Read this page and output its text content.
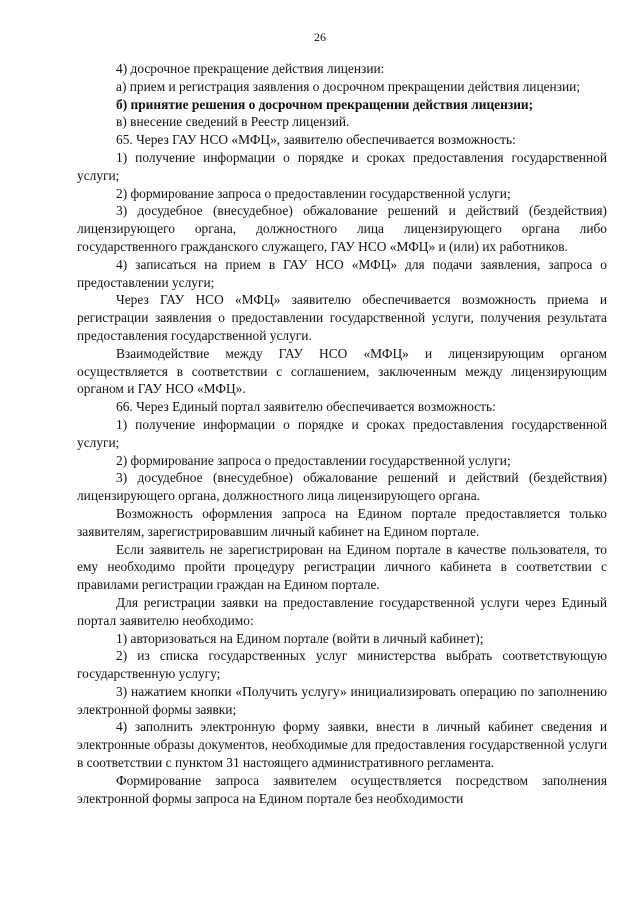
26

4) досрочное прекращение действия лицензии:

а) прием и регистрация заявления о досрочном прекращении действия лицензии;

б) принятие решения о досрочном прекращении действия лицензии;

в) внесение сведений в Реестр лицензий.

65. Через ГАУ НСО «МФЦ», заявителю обеспечивается возможность:

1) получение информации о порядке и сроках предоставления государственной услуги;

2) формирование запроса о предоставлении государственной услуги;

3) досудебное (внесудебное) обжалование решений и действий (бездействия) лицензирующего органа, должностного лица лицензирующего органа либо государственного гражданского служащего, ГАУ НСО «МФЦ» и (или) их работников.

4) записаться на прием в ГАУ НСО «МФЦ» для подачи заявления, запроса о предоставлении услуги;

Через ГАУ НСО «МФЦ» заявителю обеспечивается возможность приема и регистрации заявления о предоставлении государственной услуги, получения результата предоставления государственной услуги.

Взаимодействие между ГАУ НСО «МФЦ» и лицензирующим органом осуществляется в соответствии с соглашением, заключенным между лицензирующим органом и ГАУ НСО «МФЦ».

66. Через Единый портал заявителю обеспечивается возможность:

1) получение информации о порядке и сроках предоставления государственной услуги;

2) формирование запроса о предоставлении государственной услуги;

3) досудебное (внесудебное) обжалование решений и действий (бездействия) лицензирующего органа, должностного лица лицензирующего органа.

Возможность оформления запроса на Едином портале предоставляется только заявителям, зарегистрировавшим личный кабинет на Едином портале.

Если заявитель не зарегистрирован на Едином портале в качестве пользователя, то ему необходимо пройти процедуру регистрации личного кабинета в соответствии с правилами регистрации граждан на Едином портале.

Для регистрации заявки на предоставление государственной услуги через Единый портал заявителю необходимо:

1) авторизоваться на Едином портале (войти в личный кабинет);

2) из списка государственных услуг министерства выбрать соответствующую государственную услугу;

3) нажатием кнопки «Получить услугу» инициализировать операцию по заполнению электронной формы заявки;

4) заполнить электронную форму заявки, внести в личный кабинет сведения и электронные образы документов, необходимые для предоставления государственной услуги в соответствии с пунктом 31 настоящего административного регламента.

Формирование запроса заявителем осуществляется посредством заполнения электронной формы запроса на Едином портале без необходимости
